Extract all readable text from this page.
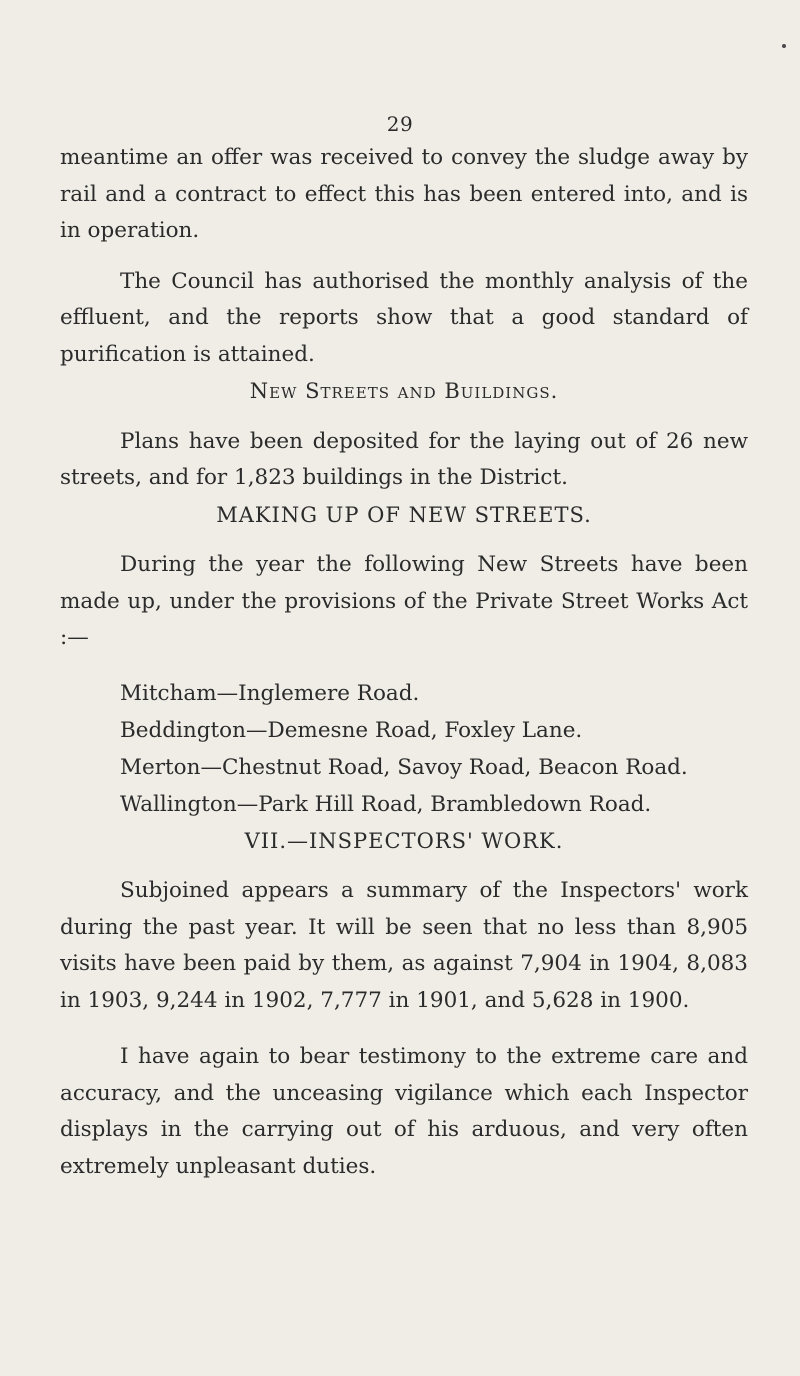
29

meantime an offer was received to convey the sludge away by rail and a contract to effect this has been entered into, and is in operation.

The Council has authorised the monthly analysis of the effluent, and the reports show that a good standard of purification is attained.

New Streets and Buildings.

Plans have been deposited for the laying out of 26 new streets, and for 1,823 buildings in the District.

MAKING UP OF NEW STREETS.

During the year the following New Streets have been made up, under the provisions of the Private Street Works Act :—

Mitcham—Inglemere Road.
Beddington—Demesne Road, Foxley Lane.
Merton—Chestnut Road, Savoy Road, Beacon Road.
Wallington—Park Hill Road, Brambledown Road.
VII.—INSPECTORS' WORK.

Subjoined appears a summary of the Inspectors' work during the past year. It will be seen that no less than 8,905 visits have been paid by them, as against 7,904 in 1904, 8,083 in 1903, 9,244 in 1902, 7,777 in 1901, and 5,628 in 1900.

I have again to bear testimony to the extreme care and accuracy, and the unceasing vigilance which each Inspector displays in the carrying out of his arduous, and very often extremely unpleasant duties.
